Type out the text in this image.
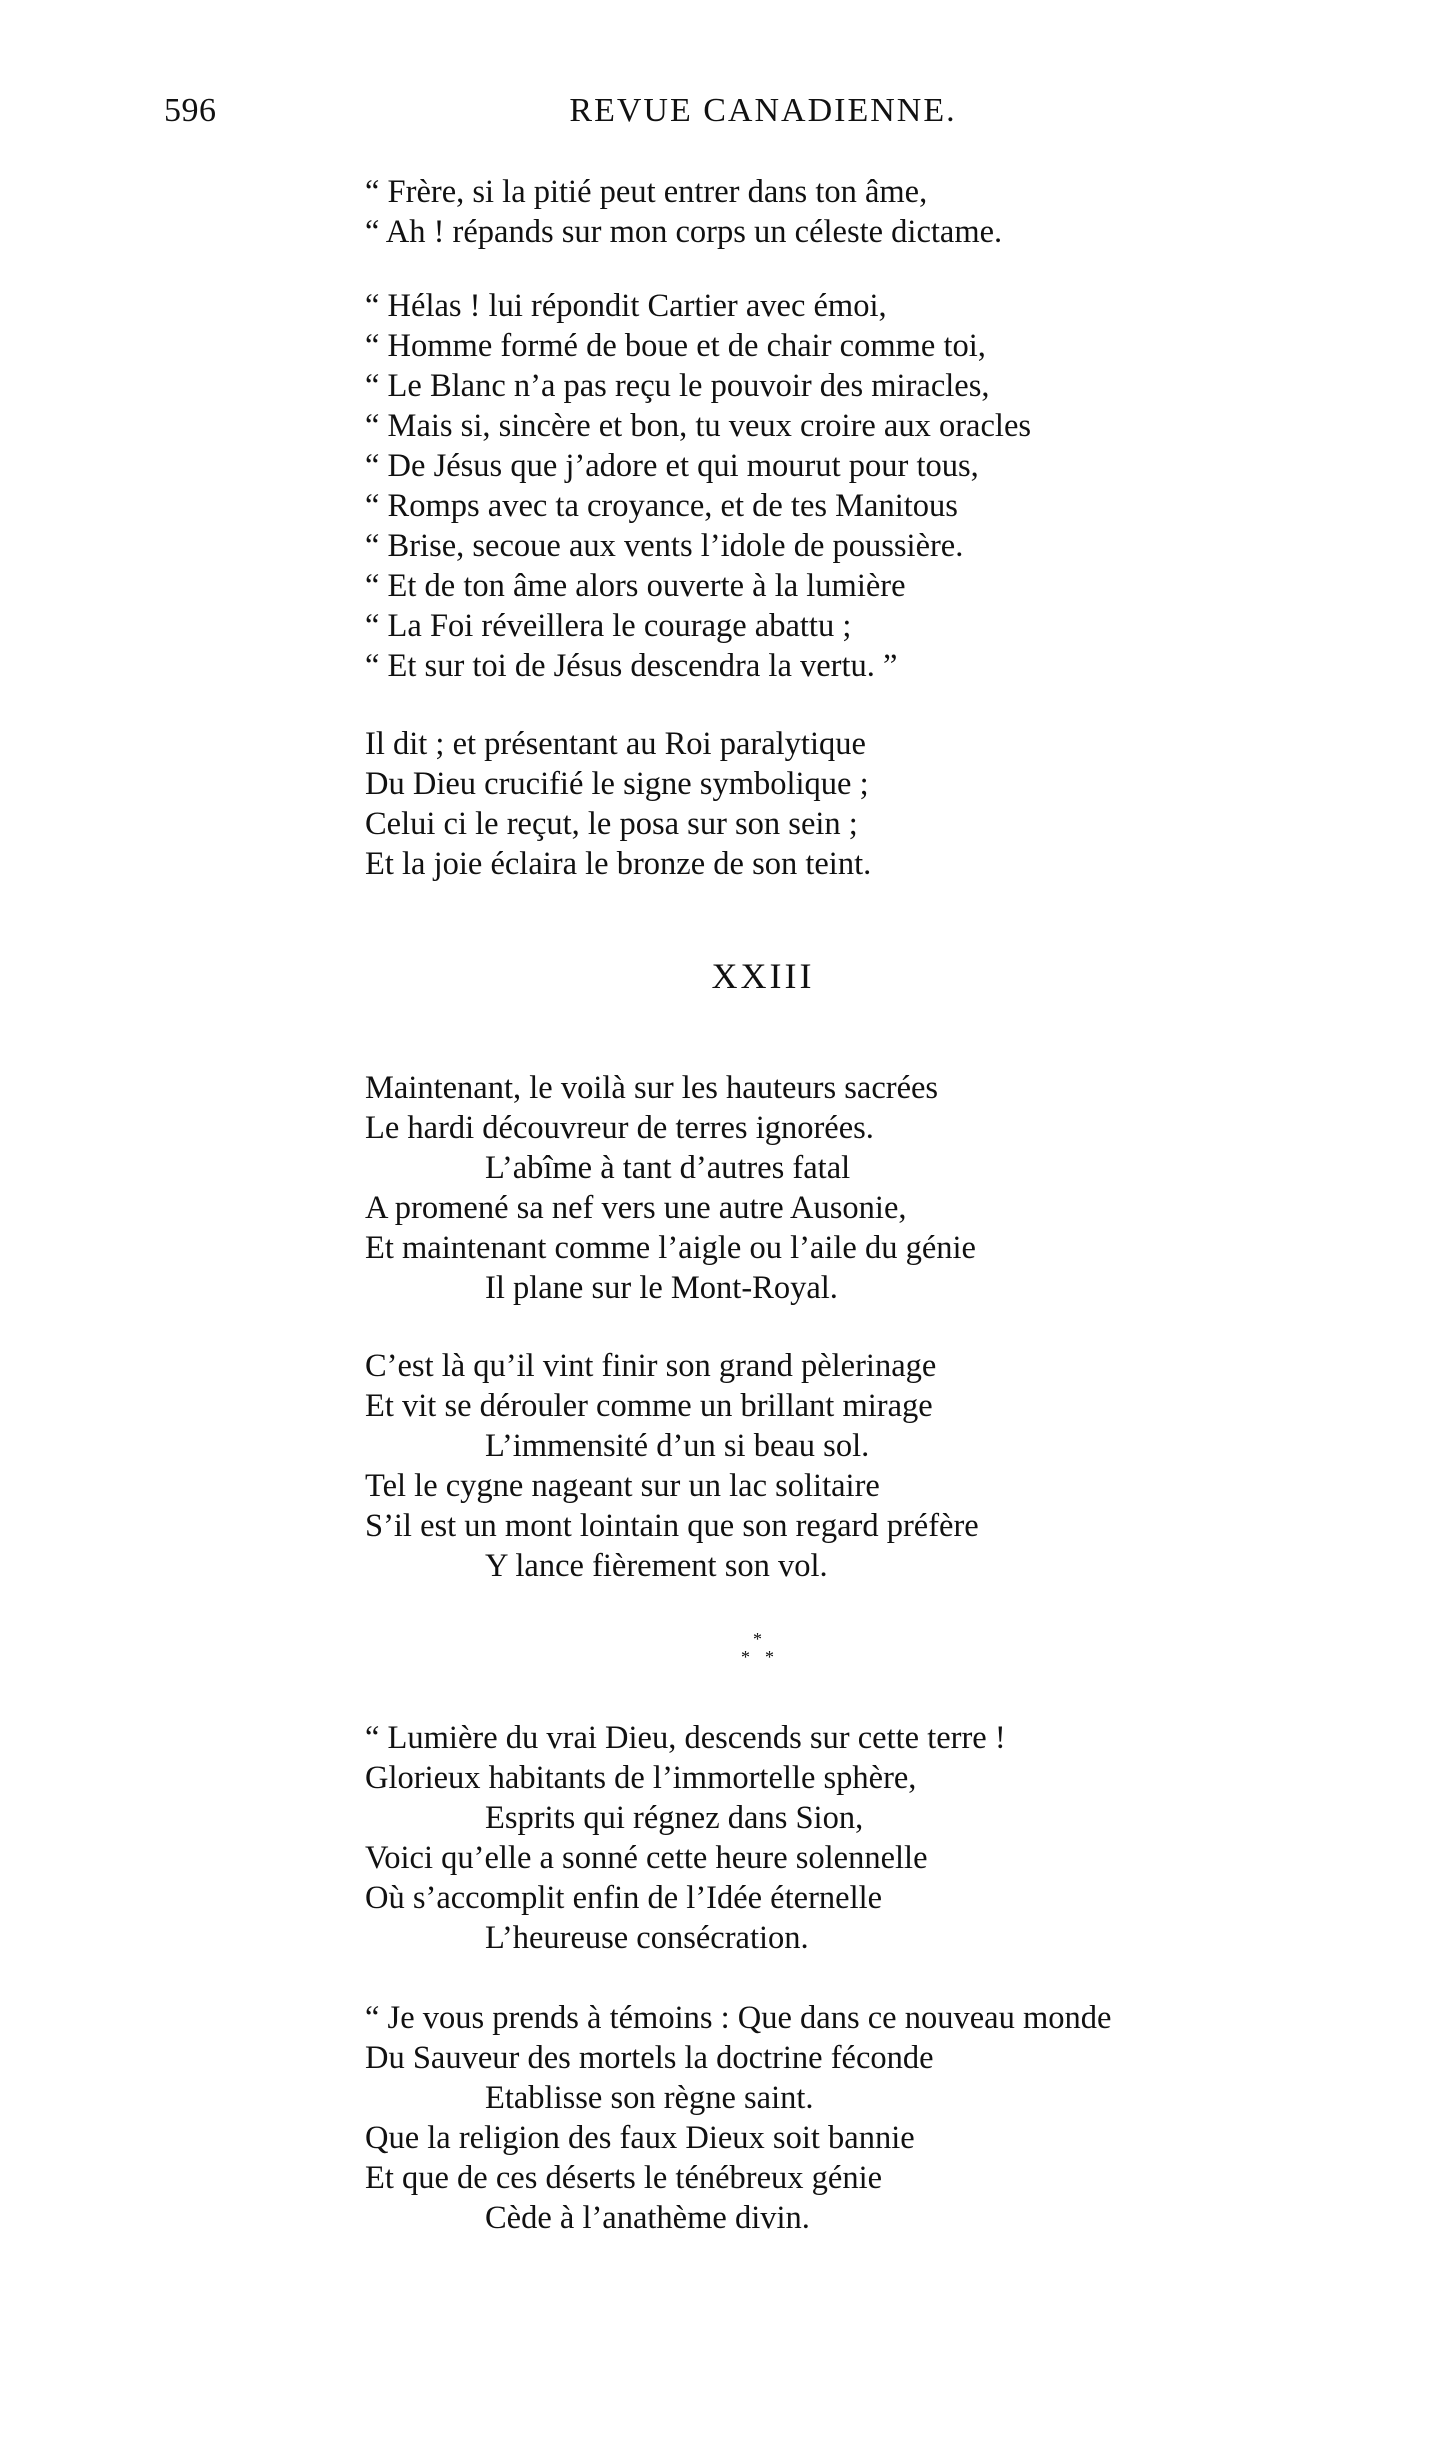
596	REVUE CANADIENNE.
“ Frère, si la pitié peut entrer dans ton âme,
“ Ah ! répands sur mon corps un céleste dictame.
“ Hélas ! lui répondit Cartier avec émoi,
“ Homme formé de boue et de chair comme toi,
“ Le Blanc n’a pas reçu le pouvoir des miracles,
“ Mais si, sincère et bon, tu veux croire aux oracles
“ De Jésus que j’adore et qui mourut pour tous,
“ Romps avec ta croyance, et de tes Manitous
“ Brise, secoue aux vents l’idole de poussière.
“ Et de ton âme alors ouverte à la lumière
“ La Foi réveillera le courage abattu ;
“ Et sur toi de Jésus descendra la vertu. ”
Il dit ; et présentant au Roi paralytique
Du Dieu crucifié le signe symbolique ;
Celui ci le reçut, le posa sur son sein ;
Et la joie éclaira le bronze de son teint.
XXIII
Maintenant, le voilà sur les hauteurs sacrées
Le hardi découvreur de terres ignorées.
L’abîme à tant d’autres fatal
A promené sa nef vers une autre Ausonie,
Et maintenant comme l’aigle ou l’aile du génie
Il plane sur le Mont-Royal.
C’est là qu’il vint finir son grand pèlerinage
Et vit se dérouler comme un brillant mirage
L’immensité d’un si beau sol.
Tel le cygne nageant sur un lac solitaire
S’il est un mont lointain que son regard préfère
Y lance fièrement son vol.
*
* *
“ Lumière du vrai Dieu, descends sur cette terre !
Glorieux habitants de l’immortelle sphère,
Esprits qui régnez dans Sion,
Voici qu’elle a sonné cette heure solennelle
Où s’accomplit enfin de l’Idée éternelle
L’heureuse consécration.
“ Je vous prends à témoins : Que dans ce nouveau monde
Du Sauveur des mortels la doctrine féconde
Etablisse son règne saint.
Que la religion des faux Dieux soit bannie
Et que de ces déserts le ténébreux génie
Cède à l’anathème divin.
